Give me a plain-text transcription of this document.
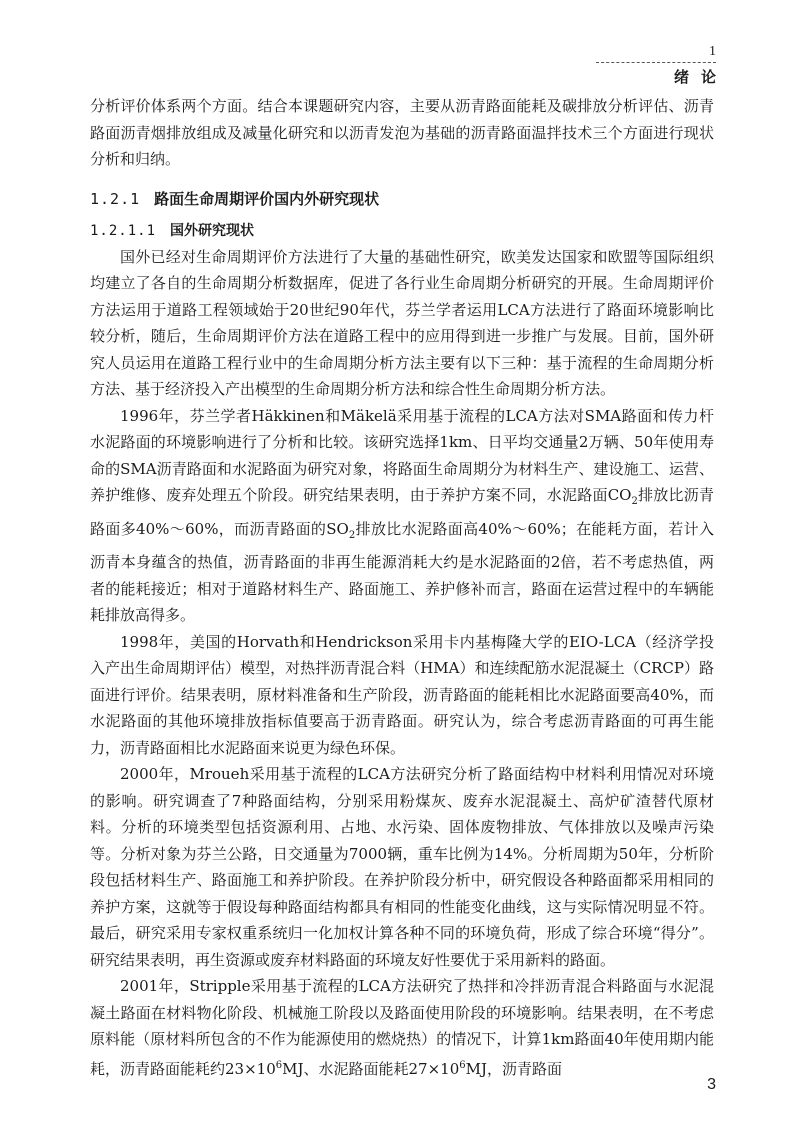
1
绪论

分析评价体系两个方面。结合本课题研究内容，主要从沥青路面能耗及碳排放分析评估、沥青路面沥青烟排放组成及减量化研究和以沥青发泡为基础的沥青路面温拌技术三个方面进行现状分析和归纳。

1.2.1 路面生命周期评价国内外研究现状
1.2.1.1 国外研究现状

国外已经对生命周期评价方法进行了大量的基础性研究，欧美发达国家和欧盟等国际组织均建立了各自的生命周期分析数据库，促进了各行业生命周期分析研究的开展。生命周期评价方法运用于道路工程领域始于20世纪90年代，芬兰学者运用LCA方法进行了路面环境影响比较分析，随后，生命周期评价方法在道路工程中的应用得到进一步推广与发展。目前，国外研究人员运用在道路工程行业中的生命周期分析方法主要有以下三种：基于流程的生命周期分析方法、基于经济投入产出模型的生命周期分析方法和综合性生命周期分析方法。

1996年，芬兰学者Häkkinen和Mäkelä采用基于流程的LCA方法对SMA路面和传力杆水泥路面的环境影响进行了分析和比较。该研究选择1km、日平均交通量2万辆、50年使用寿命的SMA沥青路面和水泥路面为研究对象，将路面生命周期分为材料生产、建设施工、运营、养护维修、废弃处理五个阶段。研究结果表明，由于养护方案不同，水泥路面$CO_2$排放比沥青路面多40%～60%，而沥青路面的$SO_2$排放比水泥路面高40%～60%；在能耗方面，若计入沥青本身蕴含的热值，沥青路面的非再生能源消耗大约是水泥路面的2倍，若不考虑热值，两者的能耗接近；相对于道路材料生产、路面施工、养护修补而言，路面在运营过程中的车辆能耗排放高得多。

1998年，美国的Horvath和Hendrickson采用卡内基梅隆大学的EIO-LCA（经济学投入产出生命周期评估）模型，对热拌沥青混合料（HMA）和连续配筋水泥混凝土（CRCP）路面进行评价。结果表明，原材料准备和生产阶段，沥青路面的能耗相比水泥路面要高40%，而水泥路面的其他环境排放指标值要高于沥青路面。研究认为，综合考虑沥青路面的可再生能力，沥青路面相比水泥路面来说更为绿色环保。

2000年，Mroueh采用基于流程的LCA方法研究分析了路面结构中材料利用情况对环境的影响。研究调查了7种路面结构，分别采用粉煤灰、废弃水泥混凝土、高炉矿渣替代原材料。分析的环境类型包括资源利用、占地、水污染、固体废物排放、气体排放以及噪声污染等。分析对象为芬兰公路，日交通量为7000辆，重车比例为14%。分析周期为50年，分析阶段包括材料生产、路面施工和养护阶段。在养护阶段分析中，研究假设各种路面都采用相同的养护方案，这就等于假设每种路面结构都具有相同的性能变化曲线，这与实际情况明显不符。最后，研究采用专家权重系统归一化加权计算各种不同的环境负荷，形成了综合环境“得分”。研究结果表明，再生资源或废弃材料路面的环境友好性要优于采用新料的路面。

2001年，Stripple采用基于流程的LCA方法研究了热拌和冷拌沥青混合料路面与水泥混凝土路面在材料物化阶段、机械施工阶段以及路面使用阶段的环境影响。结果表明，在不考虑原料能（原材料所包含的不作为能源使用的燃烧热）的情况下，计算1km路面40年使用期内能耗，沥青路面能耗约$23\times 10^6MJ$、水泥路面能耗$27\times 10^6MJ$，沥青路面

3
